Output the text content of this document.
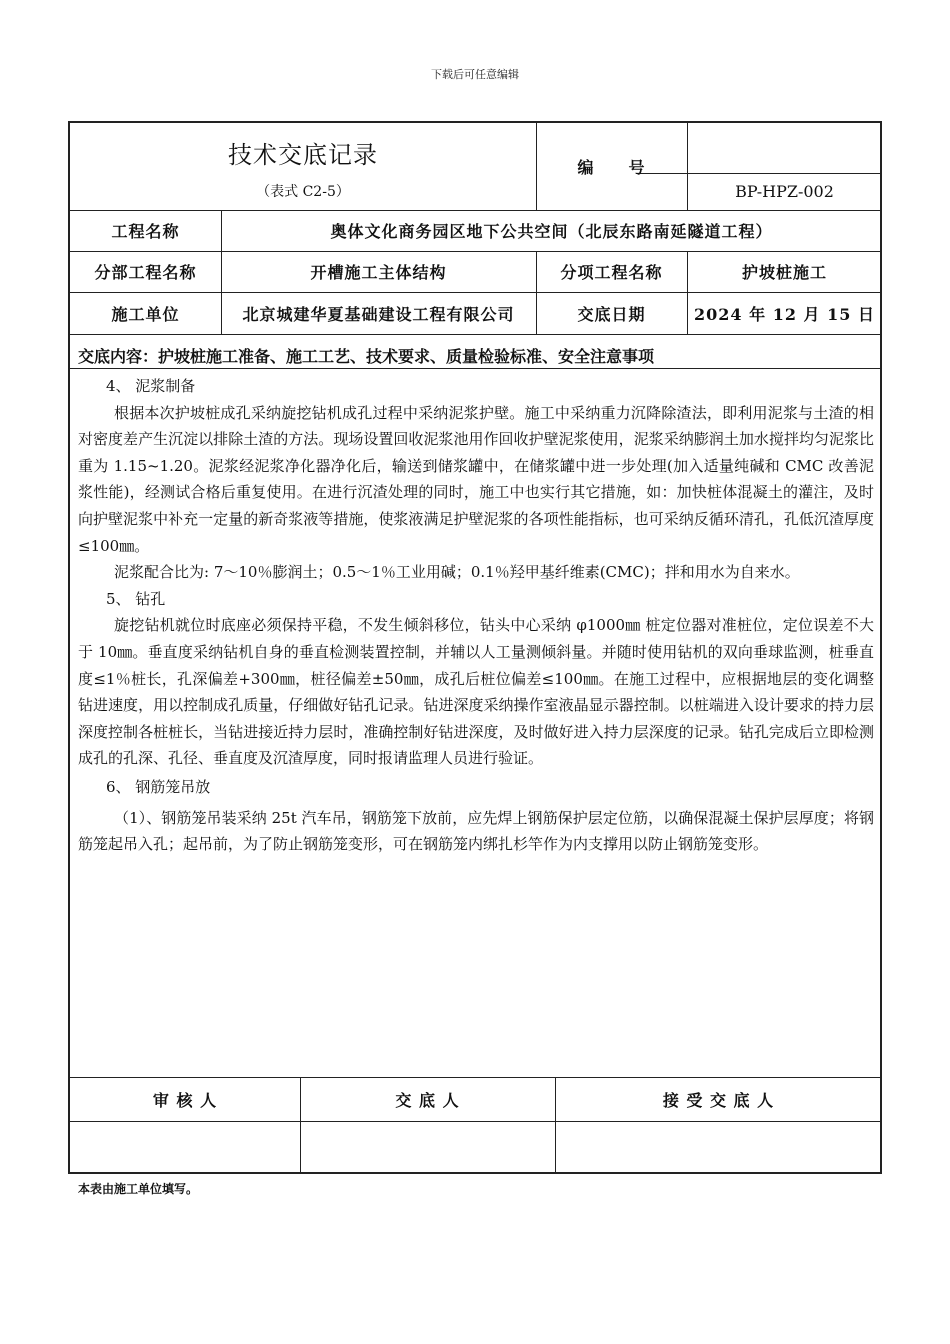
下载后可任意编辑
技术交底记录
（表式 C2-5）
编　　号
BP-HPZ-002
工程名称	奥体文化商务园区地下公共空间（北辰东路南延隧道工程）
分部工程名称	开槽施工主体结构	分项工程名称	护坡桩施工
施工单位	北京城建华夏基础建设工程有限公司	交底日期	2024 年 12 月 15 日
交底内容：护坡桩施工准备、施工工艺、技术要求、质量检验标准、安全注意事项

4、 泥浆制备

根据本次护坡桩成孔采纳旋挖钻机成孔过程中采纳泥浆护壁。施工中采纳重力沉降除渣法，即利用泥浆与土渣的相对密度差产生沉淀以排除土渣的方法。现场设置回收泥浆池用作回收护壁泥浆使用，泥浆采纳膨润土加水搅拌均匀泥浆比重为 1.15~1.20。泥浆经泥浆净化器净化后，输送到储浆罐中，在储浆罐中进一步处理(加入适量纯碱和 CMC 改善泥浆性能)，经测试合格后重复使用。在进行沉渣处理的同时，施工中也实行其它措施，如：加快桩体混凝土的灌注，及时向护壁泥浆中补充一定量的新奇浆液等措施，使浆液满足护壁泥浆的各项性能指标，也可采纳反循环清孔，孔低沉渣厚度≤100㎜。

泥浆配合比为: 7～10％膨润土；0.5～1％工业用碱；0.1％羟甲基纤维素(CMC)；拌和用水为自来水。

5、 钻孔

旋挖钻机就位时底座必须保持平稳，不发生倾斜移位，钻头中心采纳 φ1000㎜ 桩定位器对准桩位，定位误差不大于 10㎜。垂直度采纳钻机自身的垂直检测装置控制，并辅以人工量测倾斜量。并随时使用钻机的双向垂球监测，桩垂直度≤1％桩长，孔深偏差+300㎜，桩径偏差±50㎜，成孔后桩位偏差≤100㎜。在施工过程中，应根据地层的变化调整钻进速度，用以控制成孔质量，仔细做好钻孔记录。钻进深度采纳操作室液晶显示器控制。以桩端进入设计要求的持力层深度控制各桩桩长，当钻进接近持力层时，准确控制好钻进深度，及时做好进入持力层深度的记录。钻孔完成后立即检测成孔的孔深、孔径、垂直度及沉渣厚度，同时报请监理人员进行验证。

6、 钢筋笼吊放

（1）、钢筋笼吊装采纳 25t 汽车吊，钢筋笼下放前，应先焊上钢筋保护层定位筋，以确保混凝土保护层厚度；将钢筋笼起吊入孔；起吊前，为了防止钢筋笼变形，可在钢筋笼内绑扎杉竿作为内支撑用以防止钢筋笼变形。

审 核 人	交 底 人	接 受 交 底 人
本表由施工单位填写。
